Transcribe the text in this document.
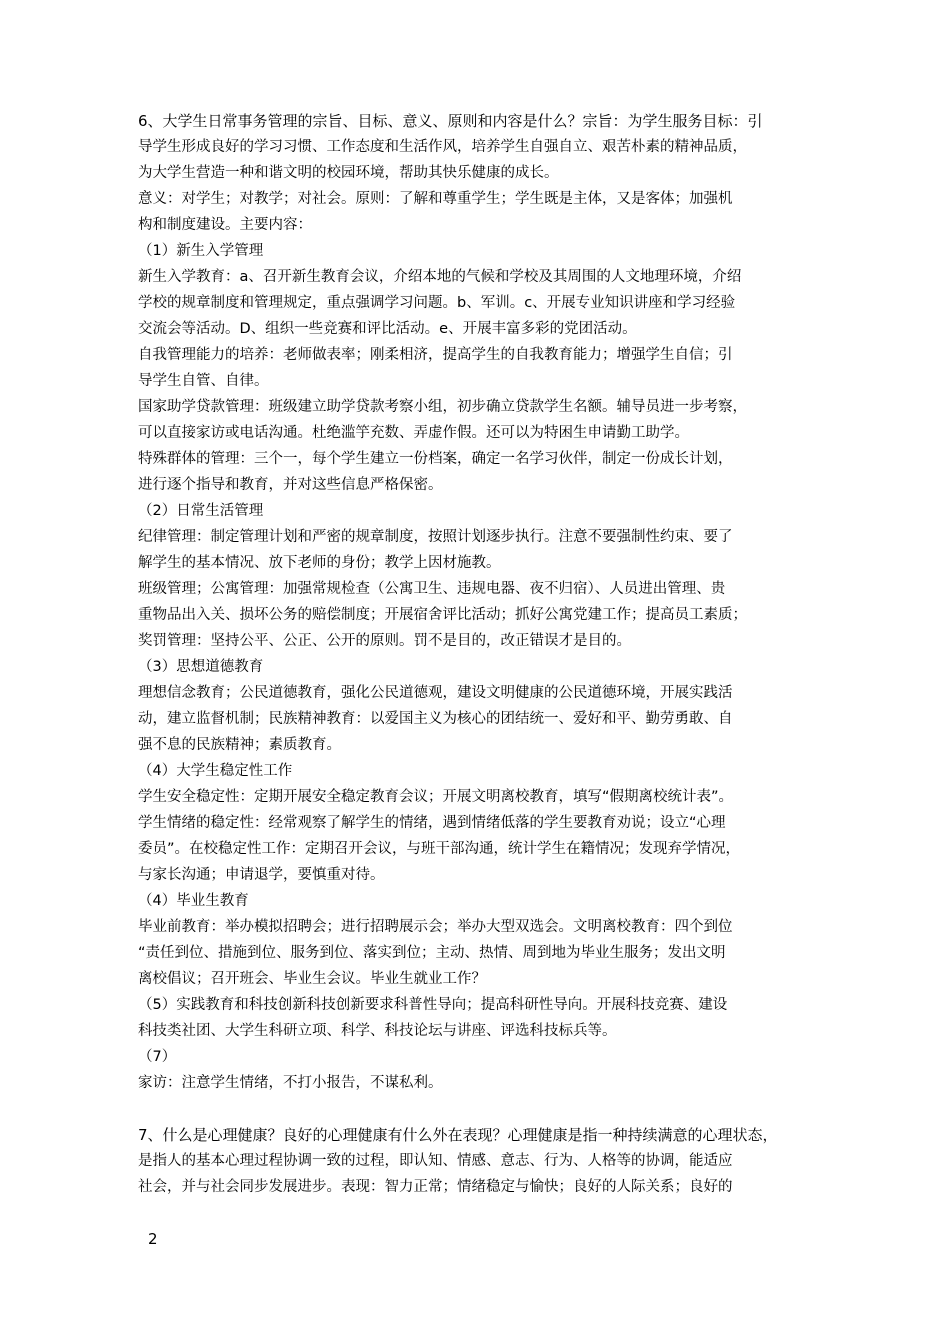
6、大学生日常事务管理的宗旨、目标、意义、原则和内容是什么？宗旨：为学生服务目标：引
导学生形成良好的学习习惯、工作态度和生活作风，培养学生自强自立、艰苦朴素的精神品质，
为大学生营造一种和谐文明的校园环境，帮助其快乐健康的成长。
意义：对学生；对教学；对社会。原则：了解和尊重学生；学生既是主体，又是客体；加强机
构和制度建设。主要内容：
（1）新生入学管理
新生入学教育：a、召开新生教育会议，介绍本地的气候和学校及其周围的人文地理环境，介绍
学校的规章制度和管理规定，重点强调学习问题。b、军训。c、开展专业知识讲座和学习经验
交流会等活动。D、组织一些竞赛和评比活动。e、开展丰富多彩的党团活动。
自我管理能力的培养：老师做表率；刚柔相济，提高学生的自我教育能力；增强学生自信；引
导学生自管、自律。
国家助学贷款管理：班级建立助学贷款考察小组，初步确立贷款学生名额。辅导员进一步考察，
可以直接家访或电话沟通。杜绝滥竽充数、弄虚作假。还可以为特困生申请勤工助学。
特殊群体的管理：三个一，每个学生建立一份档案，确定一名学习伙伴，制定一份成长计划，
进行逐个指导和教育，并对这些信息严格保密。
（2）日常生活管理
纪律管理：制定管理计划和严密的规章制度，按照计划逐步执行。注意不要强制性约束、要了
解学生的基本情况、放下老师的身份；教学上因材施教。
班级管理；公寓管理：加强常规检查（公寓卫生、违规电器、夜不归宿）、人员进出管理、贵
重物品出入关、损坏公务的赔偿制度；开展宿舍评比活动；抓好公寓党建工作；提高员工素质；
奖罚管理：坚持公平、公正、公开的原则。罚不是目的，改正错误才是目的。
（3）思想道德教育
理想信念教育；公民道德教育，强化公民道德观，建设文明健康的公民道德环境，开展实践活
动，建立监督机制；民族精神教育：以爱国主义为核心的团结统一、爱好和平、勤劳勇敢、自
强不息的民族精神；素质教育。
（4）大学生稳定性工作
学生安全稳定性：定期开展安全稳定教育会议；开展文明离校教育，填写“假期离校统计表”。
学生情绪的稳定性：经常观察了解学生的情绪，遇到情绪低落的学生要教育劝说；设立“心理
委员”。在校稳定性工作：定期召开会议，与班干部沟通，统计学生在籍情况；发现弃学情况，
与家长沟通；申请退学，要慎重对待。
（4）毕业生教育
毕业前教育：举办模拟招聘会；进行招聘展示会；举办大型双选会。文明离校教育：四个到位
“责任到位、措施到位、服务到位、落实到位；主动、热情、周到地为毕业生服务；发出文明
离校倡议；召开班会、毕业生会议。毕业生就业工作？
（5）实践教育和科技创新科技创新要求科普性导向；提高科研性导向。开展科技竞赛、建设
科技类社团、大学生科研立项、科学、科技论坛与讲座、评选科技标兵等。
（7）
家访：注意学生情绪，不打小报告，不谋私利。
7、什么是心理健康？良好的心理健康有什么外在表现？心理健康是指一种持续满意的心理状态，
是指人的基本心理过程协调一致的过程，即认知、情感、意志、行为、人格等的协调，能适应
社会，并与社会同步发展进步。表现：智力正常；情绪稳定与愉快；良好的人际关系；良好的
2
